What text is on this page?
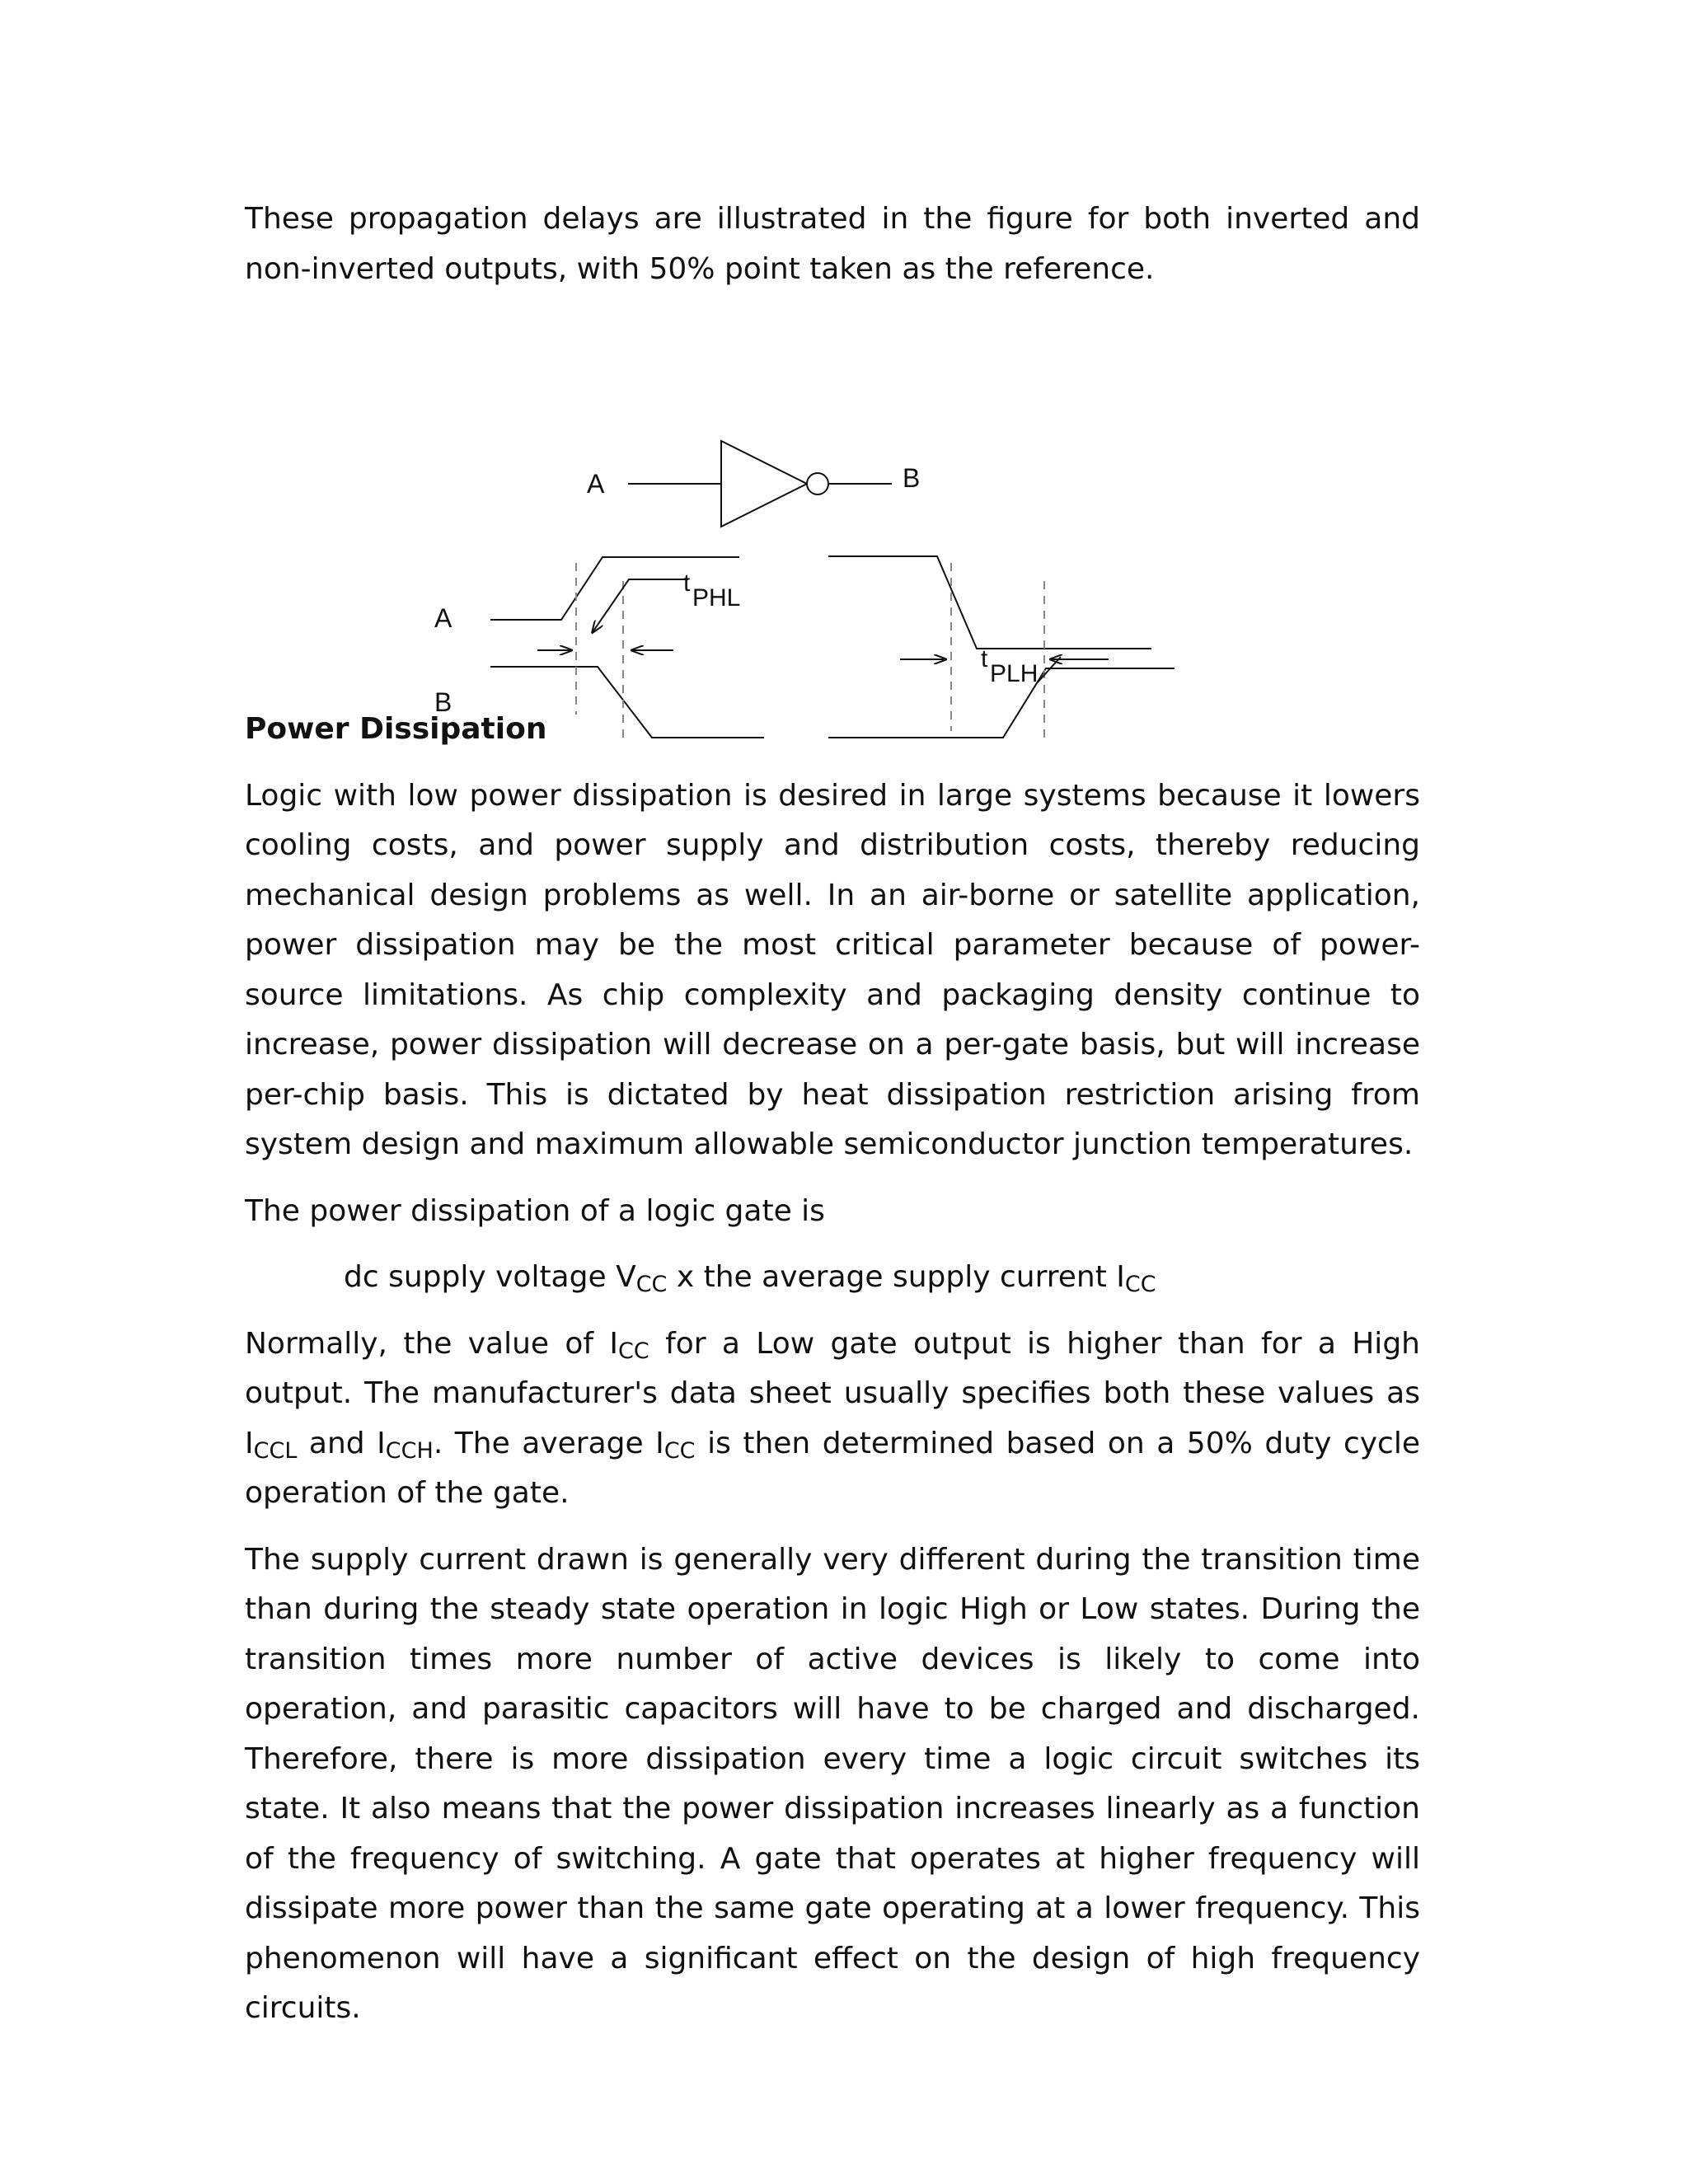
These propagation delays are illustrated in the figure for both inverted and non-inverted outputs, with 50% point taken as the reference.

A	B
A
B
t
PHL
t
PLH
Power Dissipation

Logic with low power dissipation is desired in large systems because it lowers cooling costs, and power supply and distribution costs, thereby reducing mechanical design problems as well. In an air-borne or satellite application, power dissipation may be the most critical parameter because of power-source limitations. As chip complexity and packaging density continue to increase, power dissipation will decrease on a per-gate basis, but will increase per-chip basis. This is dictated by heat dissipation restriction arising from system design and maximum allowable semiconductor junction temperatures.

The power dissipation of a logic gate is

dc supply voltage $V_{CC}$ x the average supply current $I_{CC}$

Normally, the value of $I_{CC}$ for a Low gate output is higher than for a High output. The manufacturer's data sheet usually specifies both these values as $I_{CCL}$ and $I_{CCH}$. The average $I_{CC}$ is then determined based on a 50% duty cycle operation of the gate.

The supply current drawn is generally very different during the transition time than during the steady state operation in logic High or Low states. During the transition times more number of active devices is likely to come into operation, and parasitic capacitors will have to be charged and discharged. Therefore, there is more dissipation every time a logic circuit switches its state. It also means that the power dissipation increases linearly as a function of the frequency of switching. A gate that operates at higher frequency will dissipate more power than the same gate operating at a lower frequency. This phenomenon will have a significant effect on the design of high frequency circuits.
